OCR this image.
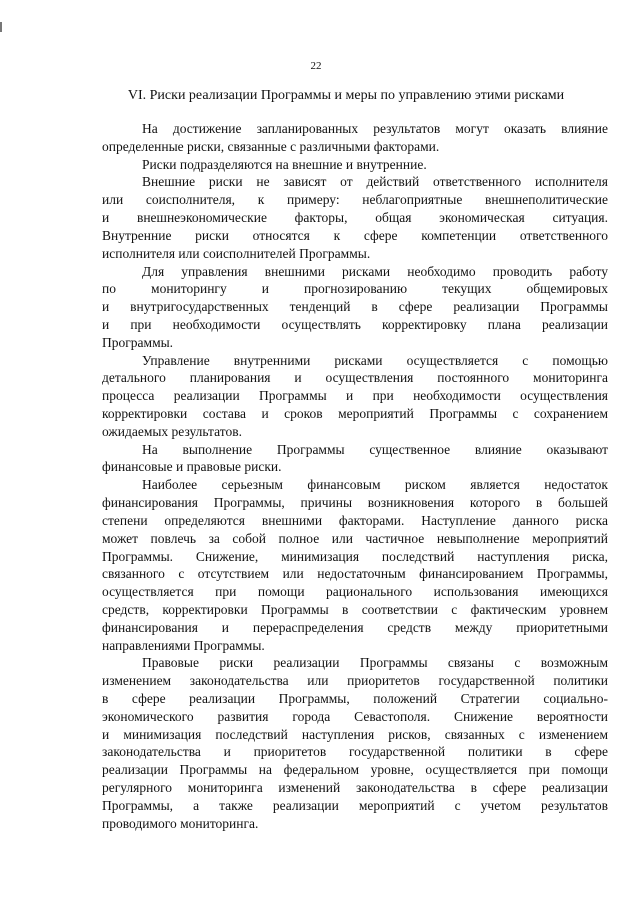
22
VI. Риски реализации Программы и меры по управлению этими рисками
На достижение запланированных результатов могут оказать влияние
определенные риски, связанные с различными факторами.
Риски подразделяются на внешние и внутренние.
Внешние риски не зависят от действий ответственного исполнителя
или соисполнителя, к примеру: неблагоприятные внешнеполитические
и внешнеэкономические факторы, общая экономическая ситуация.
Внутренние риски относятся к сфере компетенции ответственного
исполнителя или соисполнителей Программы.
Для управления внешними рисками необходимо проводить работу
по мониторингу и прогнозированию текущих общемировых
и внутригосударственных тенденций в сфере реализации Программы
и при необходимости осуществлять корректировку плана реализации
Программы.
Управление внутренними рисками осуществляется с помощью
детального планирования и осуществления постоянного мониторинга
процесса реализации Программы и при необходимости осуществления
корректировки состава и сроков мероприятий Программы с сохранением
ожидаемых результатов.
На выполнение Программы существенное влияние оказывают
финансовые и правовые риски.
Наиболее серьезным финансовым риском является недостаток
финансирования Программы, причины возникновения которого в большей
степени определяются внешними факторами. Наступление данного риска
может повлечь за собой полное или частичное невыполнение мероприятий
Программы. Снижение, минимизация последствий наступления риска,
связанного с отсутствием или недостаточным финансированием Программы,
осуществляется при помощи рационального использования имеющихся
средств, корректировки Программы в соответствии с фактическим уровнем
финансирования и перераспределения средств между приоритетными
направлениями Программы.
Правовые риски реализации Программы связаны с возможным
изменением законодательства или приоритетов государственной политики
в сфере реализации Программы, положений Стратегии социально-
экономического развития города Севастополя. Снижение вероятности
и минимизация последствий наступления рисков, связанных с изменением
законодательства и приоритетов государственной политики в сфере
реализации Программы на федеральном уровне, осуществляется при помощи
регулярного мониторинга изменений законодательства в сфере реализации
Программы, а также реализации мероприятий с учетом результатов
проводимого мониторинга.
